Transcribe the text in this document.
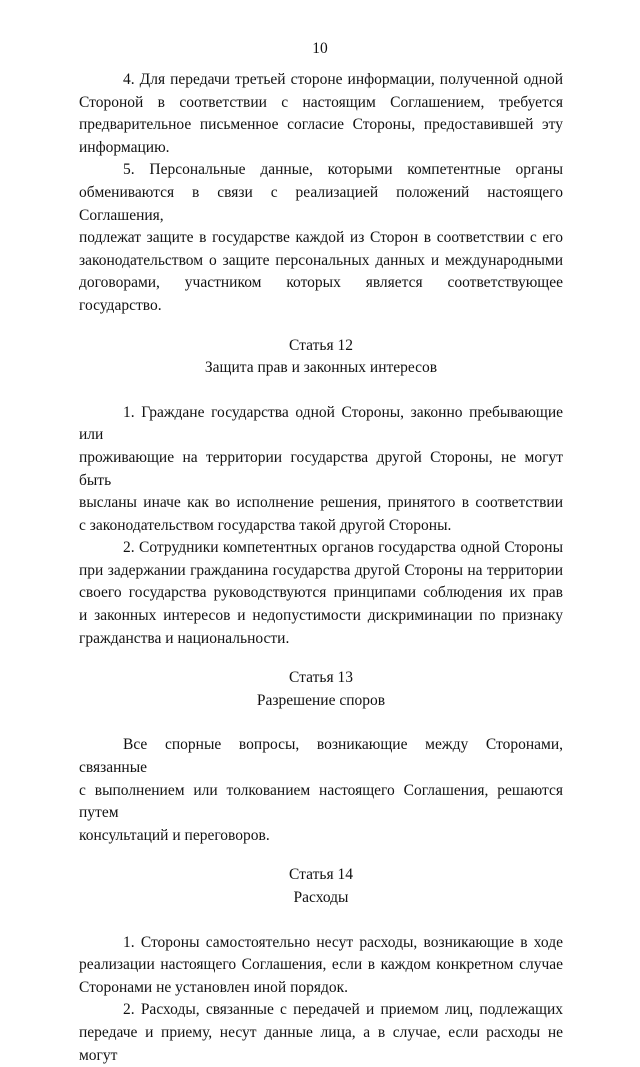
10
4. Для передачи третьей стороне информации, полученной одной
Стороной в соответствии с настоящим Соглашением, требуется
предварительное письменное согласие Стороны, предоставившей эту
информацию.
5. Персональные данные, которыми компетентные органы
обмениваются в связи с реализацией положений настоящего Соглашения,
подлежат защите в государстве каждой из Сторон в соответствии с его
законодательством о защите персональных данных и международными
договорами, участником которых является соответствующее государство.
Статья 12
Защита прав и законных интересов
1. Граждане государства одной Стороны, законно пребывающие или
проживающие на территории государства другой Стороны, не могут быть
высланы иначе как во исполнение решения, принятого в соответствии
с законодательством государства такой другой Стороны.
2. Сотрудники компетентных органов государства одной Стороны
при задержании гражданина государства другой Стороны на территории
своего государства руководствуются принципами соблюдения их прав
и законных интересов и недопустимости дискриминации по признаку
гражданства и национальности.
Статья 13
Разрешение споров
Все спорные вопросы, возникающие между Сторонами, связанные
с выполнением или толкованием настоящего Соглашения, решаются путем
консультаций и переговоров.
Статья 14
Расходы
1. Стороны самостоятельно несут расходы, возникающие в ходе
реализации настоящего Соглашения, если в каждом конкретном случае
Сторонами не установлен иной порядок.
2. Расходы, связанные с передачей и приемом лиц, подлежащих
передаче и приему, несут данные лица, а в случае, если расходы не могут
